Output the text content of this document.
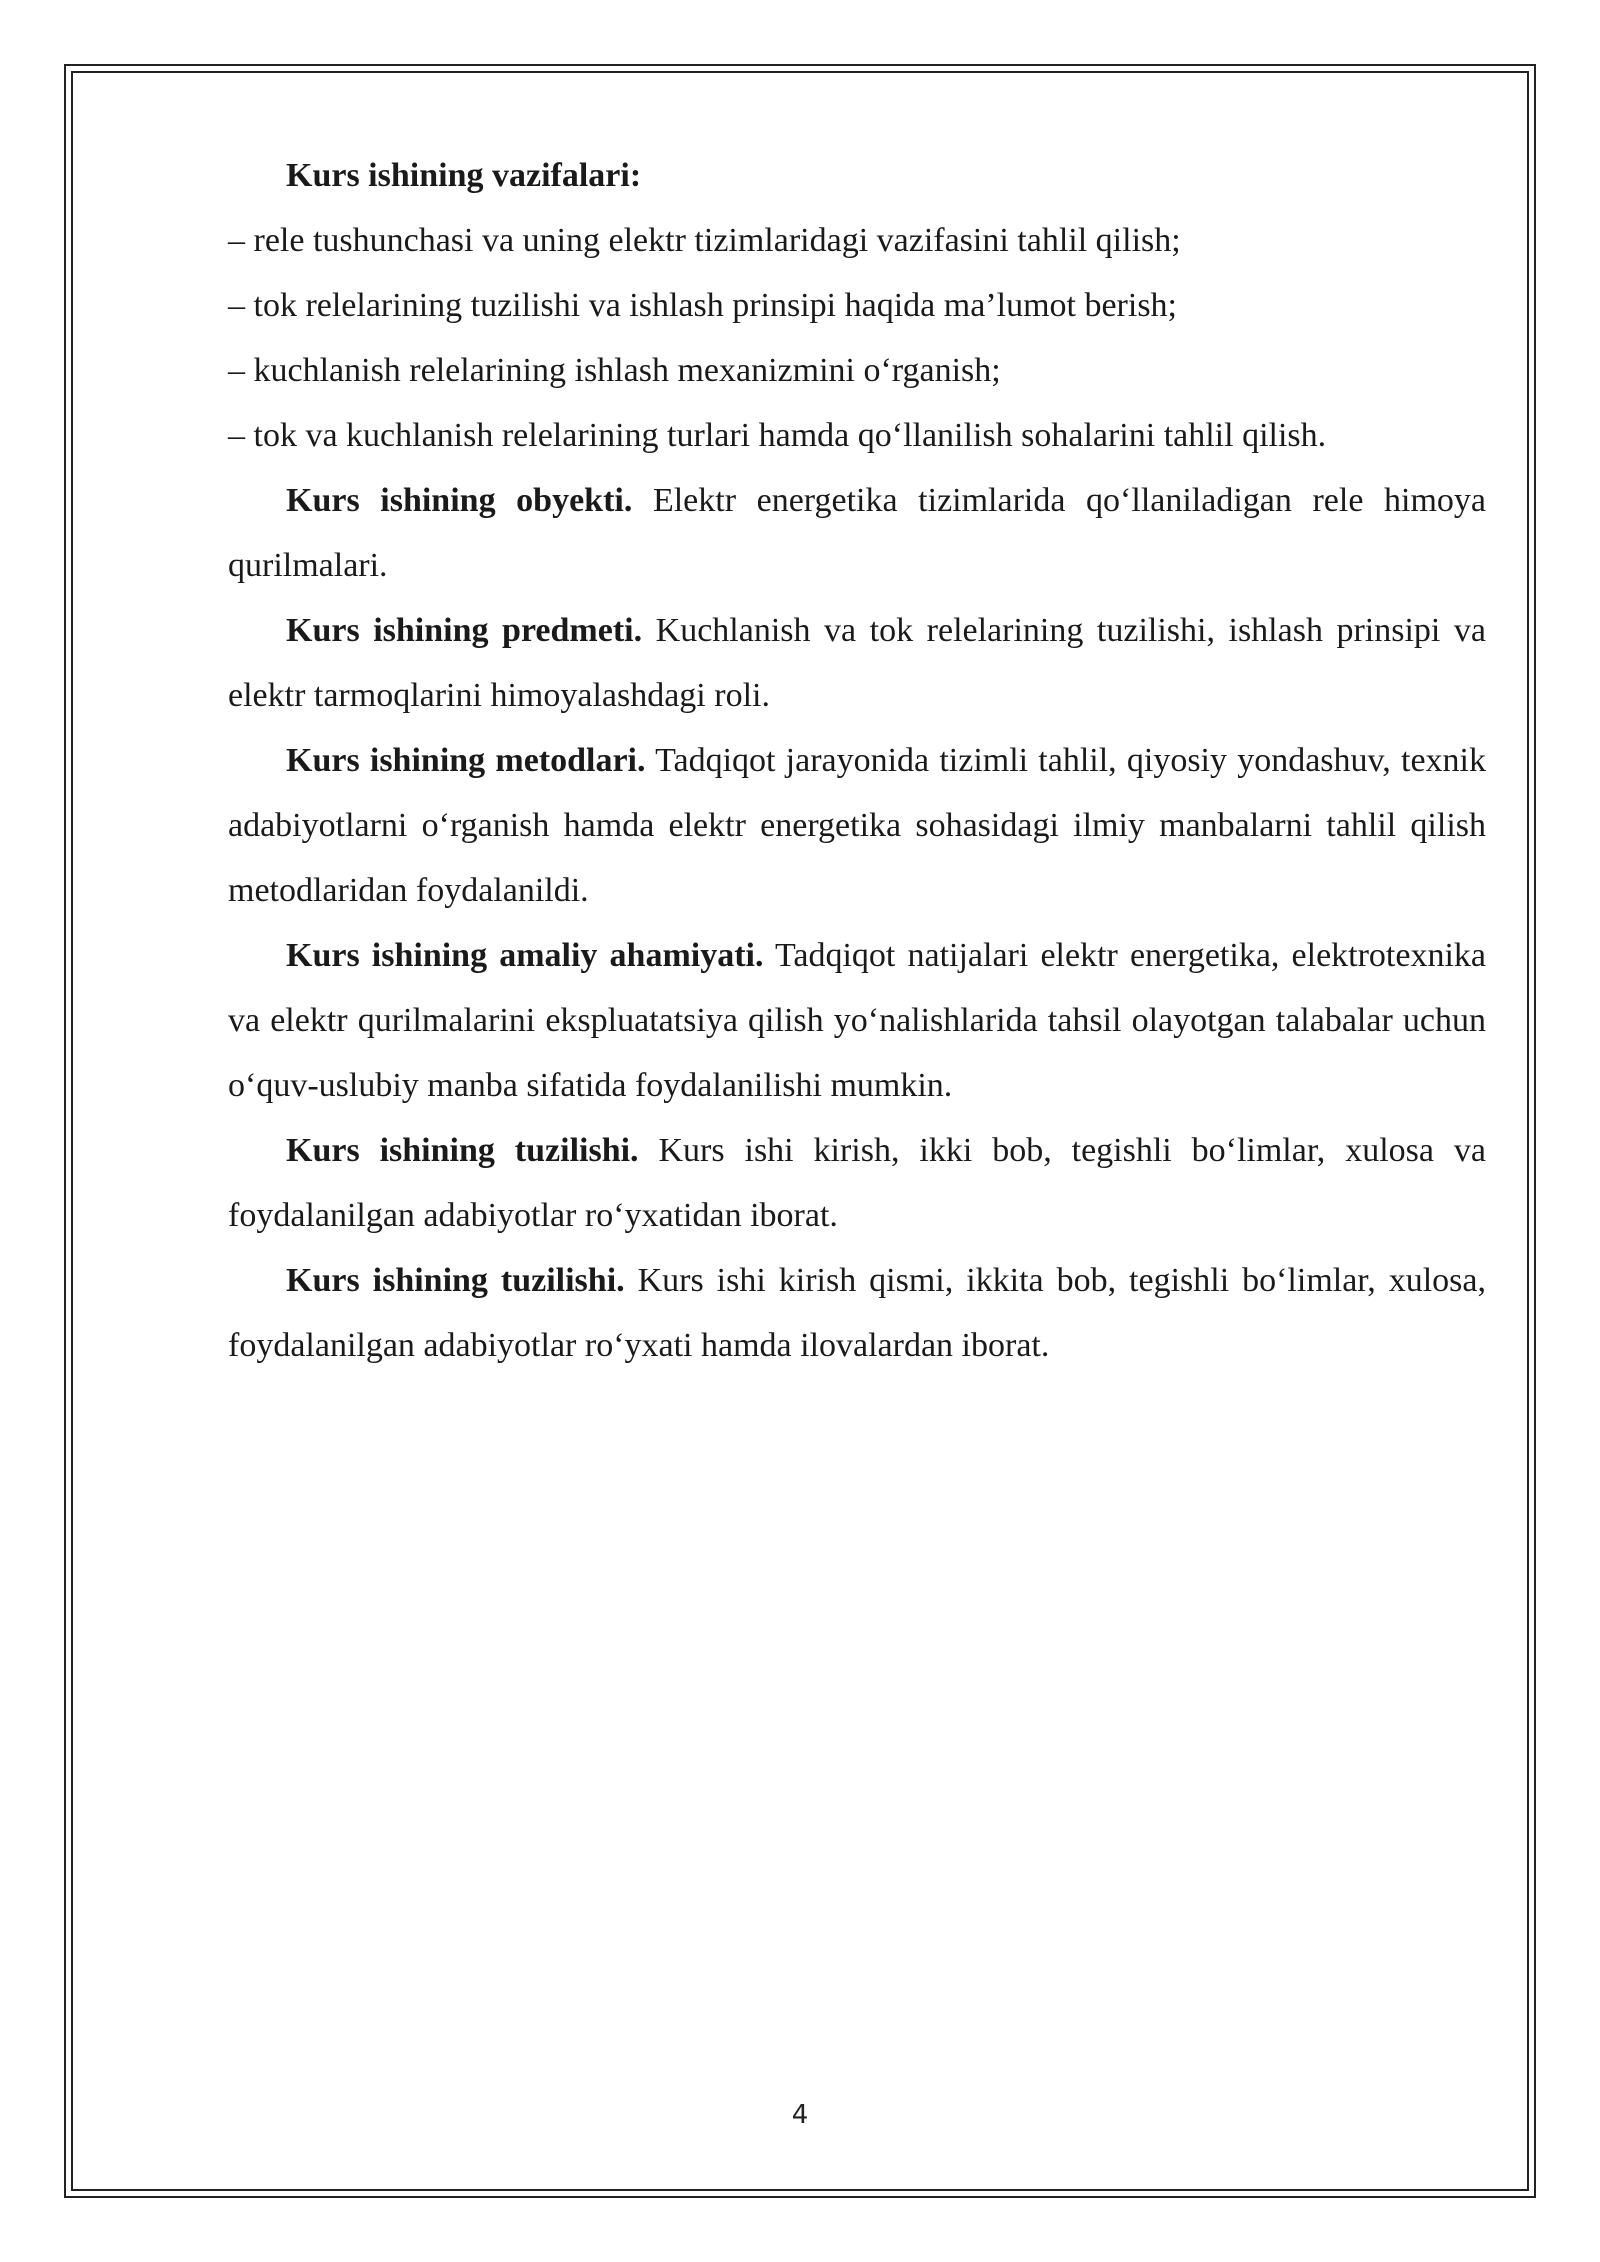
Kurs ishining vazifalari:

– rele tushunchasi va uning elektr tizimlaridagi vazifasini tahlil qilish;

– tok relelarining tuzilishi va ishlash prinsipi haqida ma’lumot berish;

– kuchlanish relelarining ishlash mexanizmini o‘rganish;

– tok va kuchlanish relelarining turlari hamda qo‘llanilish sohalarini tahlil qilish.

Kurs ishining obyekti. Elektr energetika tizimlarida qo‘llaniladigan rele himoya qurilmalari.

Kurs ishining predmeti. Kuchlanish va tok relelarining tuzilishi, ishlash prinsipi va elektr tarmoqlarini himoyalashdagi roli.

Kurs ishining metodlari. Tadqiqot jarayonida tizimli tahlil, qiyosiy yondashuv, texnik adabiyotlarni o‘rganish hamda elektr energetika sohasidagi ilmiy manbalarni tahlil qilish metodlaridan foydalanildi.

Kurs ishining amaliy ahamiyati. Tadqiqot natijalari elektr energetika, elektrotexnika va elektr qurilmalarini ekspluatatsiya qilish yo‘nalishlarida tahsil olayotgan talabalar uchun o‘quv-uslubiy manba sifatida foydalanilishi mumkin.

Kurs ishining tuzilishi. Kurs ishi kirish, ikki bob, tegishli bo‘limlar, xulosa va foydalanilgan adabiyotlar ro‘yxatidan iborat.

Kurs ishining tuzilishi. Kurs ishi kirish qismi, ikkita bob, tegishli bo‘limlar, xulosa, foydalanilgan adabiyotlar ro‘yxati hamda ilovalardan iborat.

4
